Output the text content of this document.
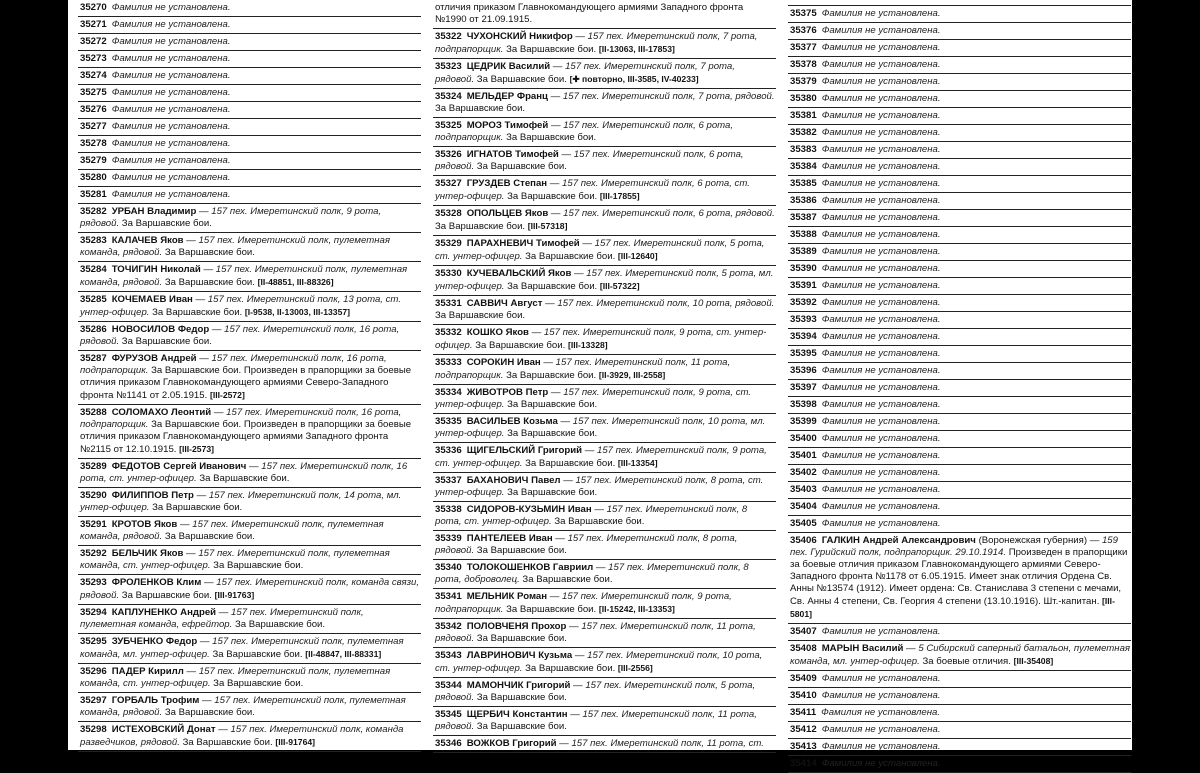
35270 Фамилия не установлена.
35271 Фамилия не установлена.
35272 Фамилия не установлена.
35273 Фамилия не установлена.
35274 Фамилия не установлена.
35275 Фамилия не установлена.
35276 Фамилия не установлена.
35277 Фамилия не установлена.
35278 Фамилия не установлена.
35279 Фамилия не установлена.
35280 Фамилия не установлена.
35281 Фамилия не установлена.
35282 УРБАН Владимир — 157 пех. Имеретинский полк, 9 рота, рядовой. За Варшавские бои.
35283 КАЛАЧЕВ Яков — 157 пех. Имеретинский полк, пулеметная команда, рядовой. За Варшавские бои.
35284 ТОЧИГИН Николай — 157 пех. Имеретинский полк, пулеметная команда, рядовой. За Варшавские бои. [II-48851, III-88326]
35285 КОЧЕМАЕВ Иван — 157 пех. Имеретинский полк, 13 рота, ст. унтер-офицер. За Варшавские бои. [I-9538, II-13003, III-13357]
35286 НОВОСИЛОВ Федор — 157 пех. Имеретинский полк, 16 рота, рядовой. За Варшавские бои.
35287 ФУРУЗОВ Андрей — 157 пех. Имеретинский полк, 16 рота, подпрапорщик. За Варшавские бои. Произведен в прапорщики за боевые отличия приказом Главнокомандующего армиями Северо-Западного фронта №1141 от 2.05.1915. [III-2572]
35288 СОЛОМАХО Леонтий — 157 пех. Имеретинский полк, 16 рота, подпрапорщик. За Варшавские бои. Произведен в прапорщики за боевые отличия приказом Главнокомандующего армиями Западного фронта №2115 от 12.10.1915. [III-2573]
35289 ФЕДОТОВ Сергей Иванович — 157 пех. Имеретинский полк, 16 рота, ст. унтер-офицер. За Варшавские бои.
35290 ФИЛИППОВ Петр — 157 пех. Имеретинский полк, 14 рота, мл. унтер-офицер. За Варшавские бои.
35291 КРОТОВ Яков — 157 пех. Имеретинский полк, пулеметная команда, рядовой. За Варшавские бои.
35292 БЕЛЬЧИК Яков — 157 пех. Имеретинский полк, пулеметная команда, ст. унтер-офицер. За Варшавские бои.
35293 ФРОЛЕНКОВ Клим — 157 пех. Имеретинский полк, команда связи, рядовой. За Варшавские бои. [III-91763]
35294 КАПЛУНЕНКО Андрей — 157 пех. Имеретинский полк, пулеметная команда, ефрейтор. За Варшавские бои.
35295 ЗУБЧЕНКО Федор — 157 пех. Имеретинский полк, пулеметная команда, мл. унтер-офицер. За Варшавские бои. [II-48847, III-88331]
35296 ПАДЕР Кирилл — 157 пех. Имеретинский полк, пулеметная команда, ст. унтер-офицер. За Варшавские бои.
35297 ГОРБАЛЬ Трофим — 157 пех. Имеретинский полк, пулеметная команда, рядовой. За Варшавские бои.
35298 ИСТЕХОВСКИЙ Донат — 157 пех. Имеретинский полк, команда разведчиков, рядовой. За Варшавские бои. [III-91764]
отличия приказом Главнокомандующего армиями Западного фронта №1990 от 21.09.1915.
35322 ЧУХОНСКИЙ Никифор — 157 пех. Имеретинский полк, 7 рота, подпрапорщик. За Варшавские бои. [II-13063, III-17853]
35323 ЦЕДРИК Василий — 157 пех. Имеретинский полк, 7 рота, рядовой. За Варшавские бои. [✚ повторно, III-3585, IV-40233]
35324 МЕЛЬДЕР Франц — 157 пех. Имеретинский полк, 7 рота, рядовой. За Варшавские бои.
35325 МОРОЗ Тимофей — 157 пех. Имеретинский полк, 6 рота, подпрапорщик. За Варшавские бои.
35326 ИГНАТОВ Тимофей — 157 пех. Имеретинский полк, 6 рота, рядовой. За Варшавские бои.
35327 ГРУЗДЕВ Степан — 157 пех. Имеретинский полк, 6 рота, ст. унтер-офицер. За Варшавские бои. [III-17855]
35328 ОПОЛЬЦЕВ Яков — 157 пех. Имеретинский полк, 6 рота, рядовой. За Варшавские бои. [III-57318]
35329 ПАРАХНЕВИЧ Тимофей — 157 пех. Имеретинский полк, 5 рота, ст. унтер-офицер. За Варшавские бои. [III-12640]
35330 КУЧЕВАЛЬСКИЙ Яков — 157 пех. Имеретинский полк, 5 рота, мл. унтер-офицер. За Варшавские бои. [III-57322]
35331 САВВИЧ Август — 157 пех. Имеретинский полк, 10 рота, рядовой. За Варшавские бои.
35332 КОШКО Яков — 157 пех. Имеретинский полк, 9 рота, ст. унтер-офицер. За Варшавские бои. [III-13328]
35333 СОРОКИН Иван — 157 пех. Имеретинский полк, 11 рота, подпрапорщик. За Варшавские бои. [II-3929, III-2558]
35334 ЖИВОТРОВ Петр — 157 пех. Имеретинский полк, 9 рота, ст. унтер-офицер. За Варшавские бои.
35335 ВАСИЛЬЕВ Козьма — 157 пех. Имеретинский полк, 10 рота, мл. унтер-офицер. За Варшавские бои.
35336 ЩИГЕЛЬСКИЙ Григорий — 157 пех. Имеретинский полк, 9 рота, ст. унтер-офицер. За Варшавские бои. [III-13354]
35337 БАХАНОВИЧ Павел — 157 пех. Имеретинский полк, 8 рота, ст. унтер-офицер. За Варшавские бои.
35338 СИДОРОВ-КУЗЬМИН Иван — 157 пех. Имеретинский полк, 8 рота, ст. унтер-офицер. За Варшавские бои.
35339 ПАНТЕЛЕЕВ Иван — 157 пех. Имеретинский полк, 8 рота, рядовой. За Варшавские бои.
35340 ТОЛОКОШЕНКОВ Гавриил — 157 пех. Имеретинский полк, 8 рота, доброволец. За Варшавские бои.
35341 МЕЛЬНИК Роман — 157 пех. Имеретинский полк, 9 рота, подпрапорщик. За Варшавские бои. [II-15242, III-13353]
35342 ПОЛОВЧЕНЯ Прохор — 157 пех. Имеретинский полк, 11 рота, рядовой. За Варшавские бои.
35343 ЛАВРИНОВИЧ Кузьма — 157 пех. Имеретинский полк, 10 рота, ст. унтер-офицер. За Варшавские бои. [III-2556]
35344 МАМОНЧИК Григорий — 157 пех. Имеретинский полк, 5 рота, рядовой. За Варшавские бои.
35345 ЩЕРБИЧ Константин — 157 пех. Имеретинский полк, 11 рота, рядовой. За Варшавские бои.
35346 ВОЖКОВ Григорий — 157 пех. Имеретинский полк, 11 рота, ст.
35375 Фамилия не установлена.
35376 Фамилия не установлена.
35377 Фамилия не установлена.
35378 Фамилия не установлена.
35379 Фамилия не установлена.
35380 Фамилия не установлена.
35381 Фамилия не установлена.
35382 Фамилия не установлена.
35383 Фамилия не установлена.
35384 Фамилия не установлена.
35385 Фамилия не установлена.
35386 Фамилия не установлена.
35387 Фамилия не установлена.
35388 Фамилия не установлена.
35389 Фамилия не установлена.
35390 Фамилия не установлена.
35391 Фамилия не установлена.
35392 Фамилия не установлена.
35393 Фамилия не установлена.
35394 Фамилия не установлена.
35395 Фамилия не установлена.
35396 Фамилия не установлена.
35397 Фамилия не установлена.
35398 Фамилия не установлена.
35399 Фамилия не установлена.
35400 Фамилия не установлена.
35401 Фамилия не установлена.
35402 Фамилия не установлена.
35403 Фамилия не установлена.
35404 Фамилия не установлена.
35405 Фамилия не установлена.
35406 ГАЛКИН Андрей Александрович (Воронежская губерния) — 159 пех. Гурийский полк, подпрапорщик. 29.10.1914. Произведен в прапорщики за боевые отличия приказом Главнокомандующего армиями Северо-Западного фронта №1178 от 6.05.1915. Имеет знак отличия Ордена Св. Анны №13574 (1912). Имеет ордена: Св. Станислава 3 степени с мечами, Св. Анны 4 степени, Св. Георгия 4 степени (13.10.1916). Шт.-капитан. [III-5801]
35407 Фамилия не установлена.
35408 МАРЫН Василий — 5 Сибирский саперный батальон, пулеметная команда, мл. унтер-офицер. За боевые отличия. [III-35408]
35409 Фамилия не установлена.
35410 Фамилия не установлена.
35411 Фамилия не установлена.
35412 Фамилия не установлена.
35413 Фамилия не установлена.
35414 Фамилия не установлена.
